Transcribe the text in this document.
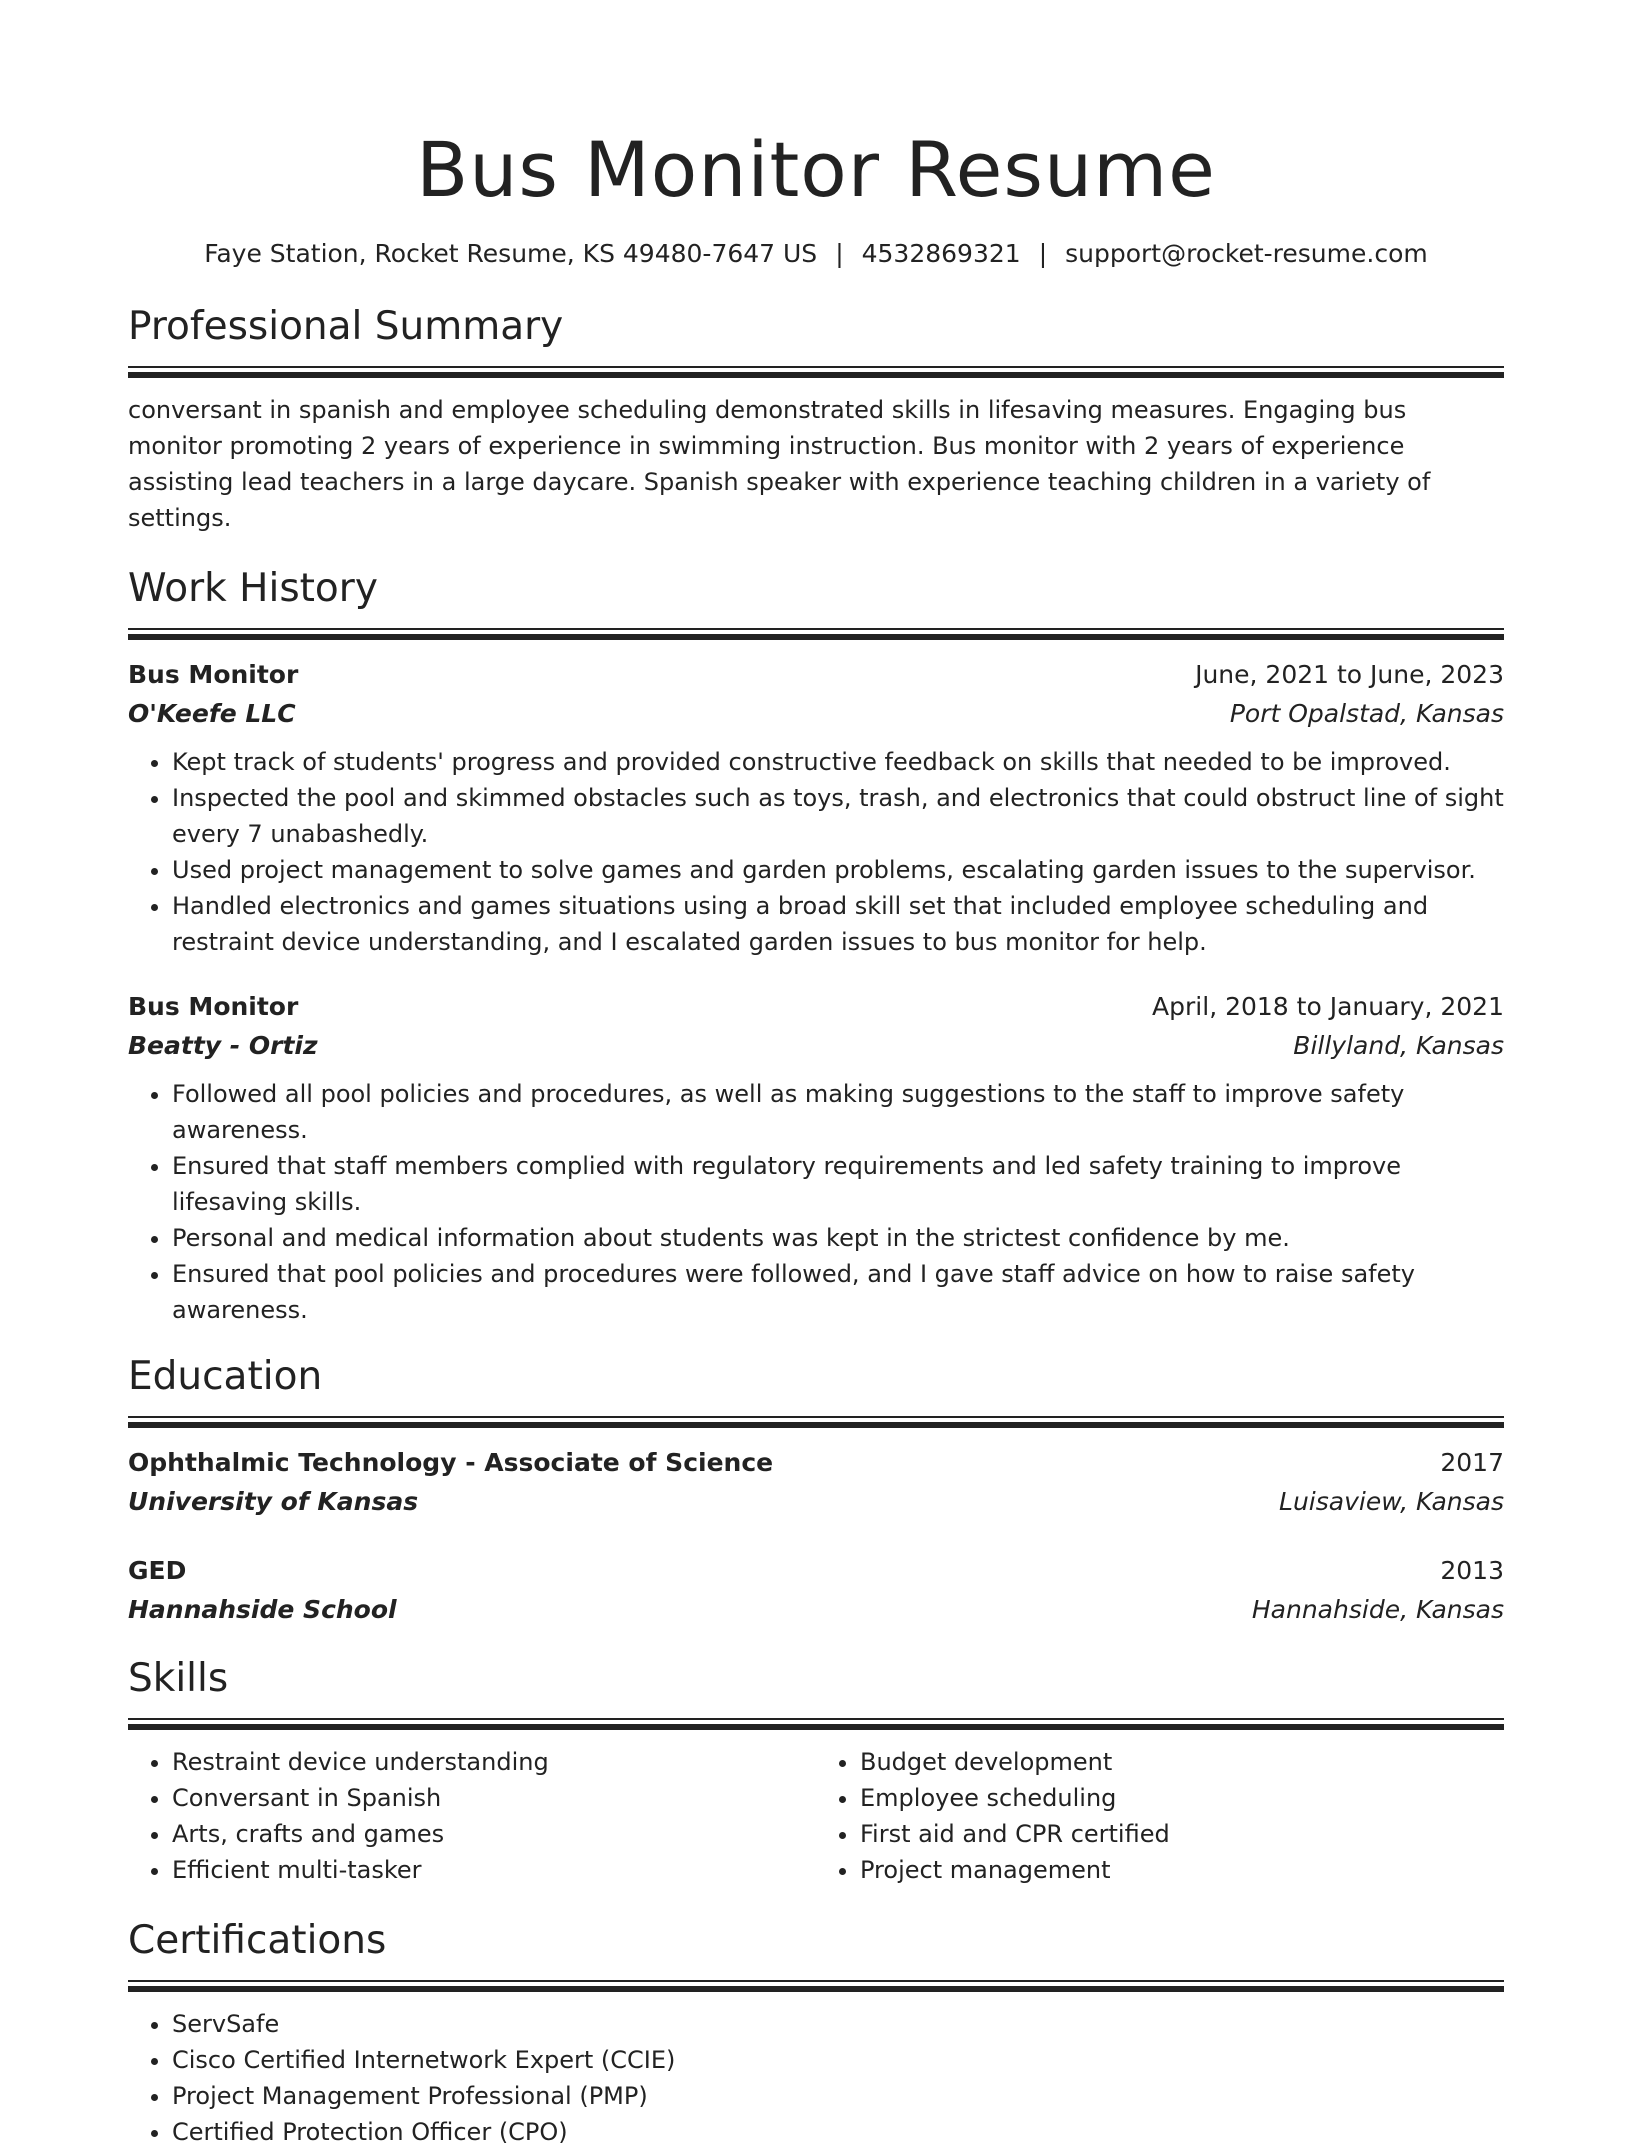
Bus Monitor Resume
Faye Station, Rocket Resume, KS 49480-7647 US | 4532869321 | support@rocket-resume.com
Professional Summary
conversant in spanish and employee scheduling demonstrated skills in lifesaving measures. Engaging bus monitor promoting 2 years of experience in swimming instruction. Bus monitor with 2 years of experience assisting lead teachers in a large daycare. Spanish speaker with experience teaching children in a variety of settings.
Work History
Bus Monitor	June, 2021 to June, 2023
O'Keefe LLC	Port Opalstad, Kansas
• Kept track of students' progress and provided constructive feedback on skills that needed to be improved.
• Inspected the pool and skimmed obstacles such as toys, trash, and electronics that could obstruct line of sight every 7 unabashedly.
• Used project management to solve games and garden problems, escalating garden issues to the supervisor.
• Handled electronics and games situations using a broad skill set that included employee scheduling and restraint device understanding, and I escalated garden issues to bus monitor for help.
Bus Monitor	April, 2018 to January, 2021
Beatty - Ortiz	Billyland, Kansas
• Followed all pool policies and procedures, as well as making suggestions to the staff to improve safety awareness.
• Ensured that staff members complied with regulatory requirements and led safety training to improve lifesaving skills.
• Personal and medical information about students was kept in the strictest confidence by me.
• Ensured that pool policies and procedures were followed, and I gave staff advice on how to raise safety awareness.
Education
Ophthalmic Technology - Associate of Science	2017
University of Kansas	Luisaview, Kansas
GED	2013
Hannahside School	Hannahside, Kansas
Skills
• Restraint device understanding
• Conversant in Spanish
• Arts, crafts and games
• Efficient multi-tasker
• Budget development
• Employee scheduling
• First aid and CPR certified
• Project management
Certifications
• ServSafe
• Cisco Certified Internetwork Expert (CCIE)
• Project Management Professional (PMP)
• Certified Protection Officer (CPO)
